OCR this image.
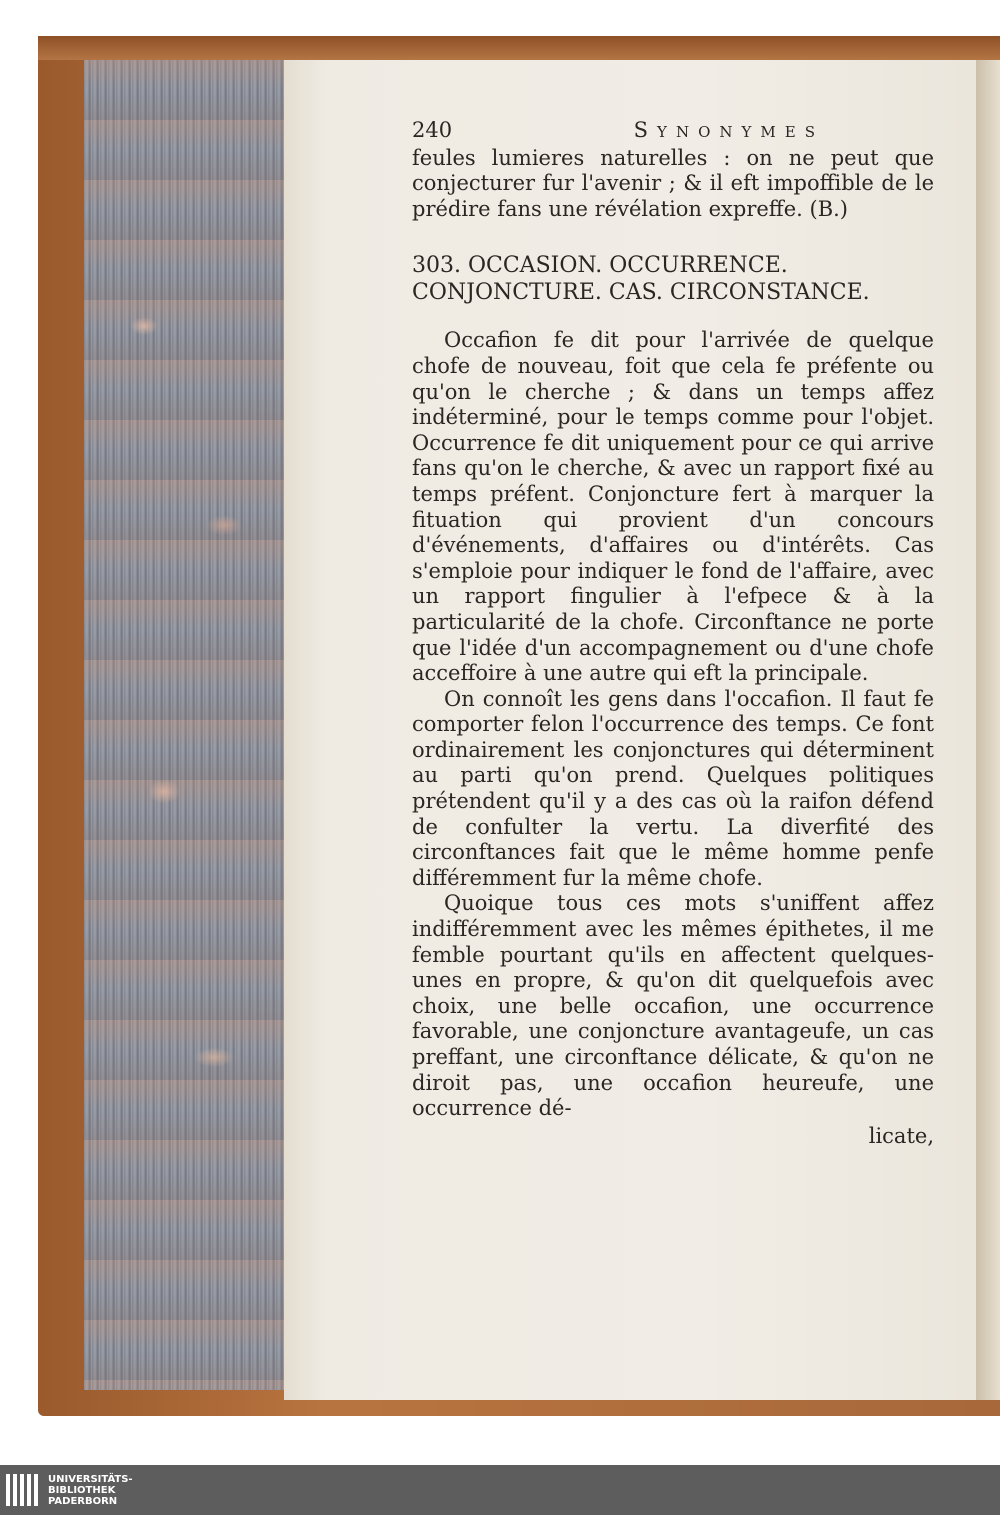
240	Synonymes

feules lumieres naturelles : on ne peut que conjecturer fur l'avenir ; & il eft impoffible de le prédire fans une révélation expreffe. (B.)

303. OCCASION. OCCURRENCE. CONJONCTURE. CAS. CIRCONSTANCE.

Occafion fe dit pour l'arrivée de quelque chofe de nouveau, foit que cela fe préfente ou qu'on le cherche ; & dans un temps affez indéterminé, pour le temps comme pour l'objet. Occurrence fe dit uniquement pour ce qui arrive fans qu'on le cherche, & avec un rapport fixé au temps préfent. Conjoncture fert à marquer la fituation qui provient d'un concours d'événements, d'affaires ou d'intérêts. Cas s'emploie pour indiquer le fond de l'affaire, avec un rapport fingulier à l'efpece & à la particularité de la chofe. Circonftance ne porte que l'idée d'un accompagnement ou d'une chofe acceffoire à une autre qui eft la principale.

On connoît les gens dans l'occafion. Il faut fe comporter felon l'occurrence des temps. Ce font ordinairement les conjonctures qui déterminent au parti qu'on prend. Quelques politiques prétendent qu'il y a des cas où la raifon défend de confulter la vertu. La diverfité des circonftances fait que le même homme penfe différemment fur la même chofe.

Quoique tous ces mots s'uniffent affez indifféremment avec les mêmes épithetes, il me femble pourtant qu'ils en affectent quelques-unes en propre, & qu'on dit quelquefois avec choix, une belle occafion, une occurrence favorable, une conjoncture avantageufe, un cas preffant, une circonftance délicate, & qu'on ne diroit pas, une occafion heureufe, une occurrence dé-

licate,
UNIVERSITÄTS-
BIBLIOTHEK
PADERBORN
